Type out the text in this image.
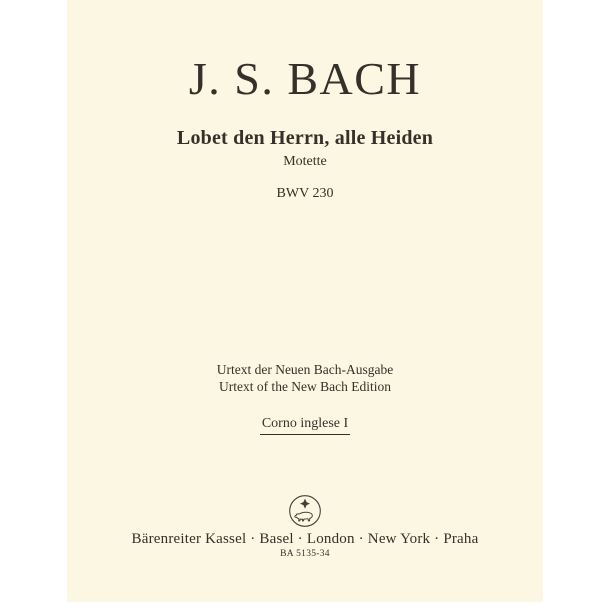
J. S. BACH
Lobet den Herrn, alle Heiden
Motette
BWV 230
Urtext der Neuen Bach-Ausgabe
Urtext of the New Bach Edition
Corno inglese I
Bärenreiter Kassel · Basel · London · New York · Praha
BA 5135-34
